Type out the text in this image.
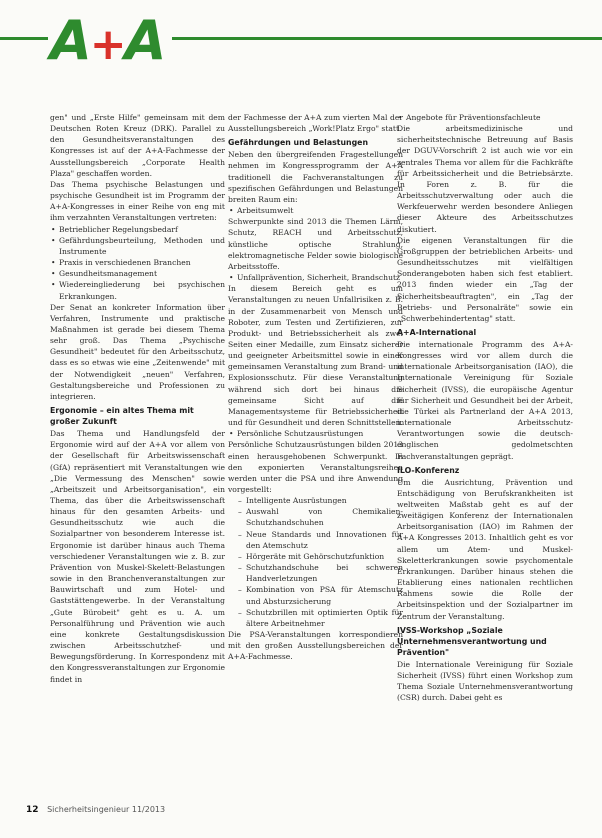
A+A

gen" und „Erste Hilfe" gemeinsam mit dem Deutschen Roten Kreuz (DRK). Parallel zu den Gesundheitsveranstaltungen des Kongresses ist auf der A+A-Fachmesse der Ausstellungsbereich „Corporate Health Plaza" geschaffen worden.

Das Thema psychische Belastungen und psychische Gesundheit ist im Programm der A+A-Kongresses in einer Reihe von eng mit ihm verzahnten Veranstaltungen vertreten:

• Betrieblicher Regelungsbedarf
• Gefährdungsbeurteilung, Methoden und Instrumente
• Praxis in verschiedenen Branchen
• Gesundheitsmanagement
• Wiedereingliederung bei psychischen Erkrankungen.

Der Senat an konkreter Information über Verfahren, Instrumente und praktische Maßnahmen ist gerade bei diesem Thema sehr groß. Das Thema „Psychische Gesundheit" bedeutet für den Arbeitsschutz, dass es so etwas wie eine „Zeitenwende" mit der Notwendigkeit „neuen" Verfahren, Gestaltungsbereiche und Professionen zu integrieren.

Ergonomie – ein altes Thema mit großer Zukunft

Das Thema und Handlungsfeld der Ergonomie wird auf der A+A vor allem von der Gesellschaft für Arbeitswissenschaft (GfA) repräsentiert mit Veranstaltungen wie „Die Vermessung des Menschen" sowie „Arbeitszeit und Arbeitsorganisation", ein Thema, das über die Arbeitswissenschaft hinaus für den gesamten Arbeits- und Gesundheitsschutz wie auch die Sozialpartner von besonderem Interesse ist. Ergonomie ist darüber hinaus auch Thema verschiedener Veranstaltungen wie z. B. zur Prävention von Muskel-Skelett-Belastungen sowie in den Branchenveranstaltungen zur Bauwirtschaft und zum Hotel- und Gaststättengewerbe. In der Veranstaltung „Gute Bürobeit" geht es u. A. um Personalführung und Prävention wie auch eine konkrete Gestaltungsdiskussion zwischen Arbeitsschutzhef- und Bewegungsförderung. In Korrespondenz mit den Kongressveranstaltungen zur Ergonomie findet in

der Fachmesse der A+A zum vierten Mal der Ausstellungsbereich „Work!Platz Ergo" statt.

Gefährdungen und Belastungen

Neben den übergreifenden Fragestellungen nehmen im Kongressprogramm der A+A traditionell die Fachveranstaltungen zu spezifischen Gefährdungen und Belastungen breiten Raum ein:

• Arbeitsumwelt

Schwerpunkte sind 2013 die Themen Lärm, Schutz, REACH und Arbeitsschutz, künstliche optische Strahlung, elektromagnetische Felder sowie biologische Arbeitsstoffe.

• Unfallprävention, Sicherheit, Brandschutz

In diesem Bereich geht es um Veranstaltungen zu neuen Unfallrisiken z. B. in der Zusammenarbeit von Mensch und Roboter, zum Testen und Zertifizieren, zur Produkt- und Betriebssicherheit als zwei Seiten einer Medaille, zum Einsatz sicherer und geeigneter Arbeitsmittel sowie in einer gemeinsamen Veranstaltung zum Brand- und Explosionsschutz. Für diese Veranstaltung während sich dort bei hinaus die gemeinsame Sicht auf die Managementsysteme für Betriebssicherheit und für Gesundheit und deren Schnittstellen.

• Persönliche Schutzausrüstungen

Persönliche Schutzausrüstungen bilden 2013 einen herausgehobenen Schwerpunkt. In den exponierten Veranstaltungsreihen werden unter die PSA und ihre Anwendung vorgestellt:

– Intelligente Ausrüstungen
– Auswahl von Chemikalien-Schutzhandschuhen
– Neue Standards und Innovationen für den Atemschutz
– Hörgeräte mit Gehörschutzfunktion
– Schutzhandschuhe bei schweren Handverletzungen
– Kombination von PSA für Atemschutz und Absturzsicherung
– Schutzbrillen mit optimierten Optik für ältere Arbeitnehmer

Die PSA-Veranstaltungen korrespondieren mit den großen Ausstellungsbereichen der A+A-Fachmesse.

• Angebote für Präventionsfachleute

Die arbeitsmedizinische und sicherheitstechnische Betreuung auf Basis der DGUV-Vorschrift 2 ist auch wie vor ein zentrales Thema vor allem für die Fachkräfte für Arbeitssicherheit und die Betriebsärzte. In Foren z. B. für die Arbeitsschutzverwaltung oder auch die Werkfeuerwehr werden besondere Anliegen dieser Akteure des Arbeitsschutzes diskutiert.

Die eigenen Veranstaltungen für die Großgruppen der betrieblichen Arbeits- und Gesundheitsschutzes mit vielfältigen Sonderangeboten haben sich fest etabliert. 2013 finden wieder ein „Tag der Sicherheitsbeauftragten", ein „Tag der Betriebs- und Personalräte" sowie ein „Schwerbehindertentag" statt.

A+A-International

Die internationale Programm des A+A-Kongresses wird vor allem durch die internationale Arbeitsorganisation (IAO), die Internationale Vereinigung für Soziale Sicherheit (IVSS), die europäische Agentur für Sicherheit und Gesundheit bei der Arbeit, die Türkei als Partnerland der A+A 2013, internationale Arbeitsschutz-Verantwortungen sowie die deutsch-englischen gedolmetschten Fachveranstaltungen geprägt.

ILO-Konferenz

Um die Ausrichtung, Prävention und Entschädigung von Berufskrankheiten ist weltweiten Maßstab geht es auf der zweitägigen Konferenz der Internationalen Arbeitsorganisation (IAO) im Rahmen der A+A Kongresses 2013. Inhaltlich geht es vor allem um Atem- und Muskel-Skeletterkrankungen sowie psychomentale Erkrankungen. Darüber hinaus stehen die Etablierung eines nationalen rechtlichen Rahmens sowie die Rolle der Arbeitsinspektion und der Sozialpartner im Zentrum der Veranstaltung.

IVSS-Workshop „Soziale Unternehmensverantwortung und Prävention"

Die Internationale Vereinigung für Soziale Sicherheit (IVSS) führt einen Workshop zum Thema Soziale Unternehmensverantwortung (CSR) durch. Dabei geht es

12 Sicherheitsingenieur 11/2013
